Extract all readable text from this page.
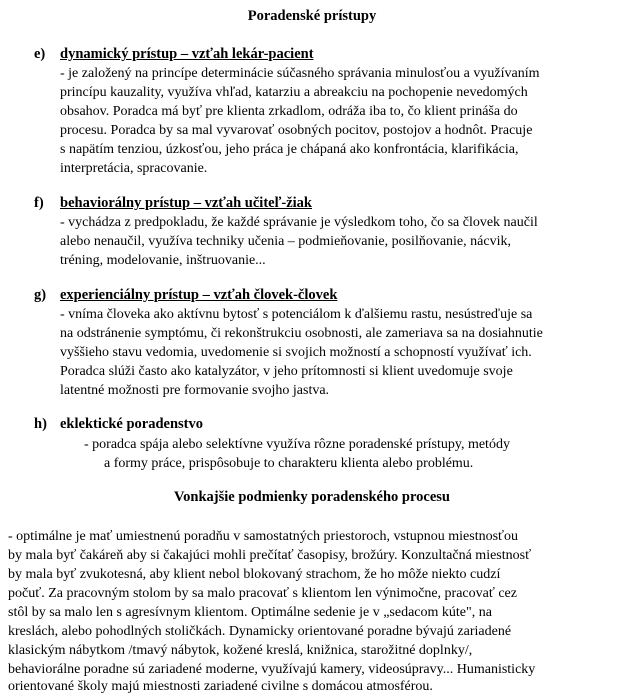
Poradenské prístupy
e) dynamický prístup – vzťah lekár-pacient
- je založený na princípe determinácie súčasného správania minulosťou a využívaním
princípu kauzality, využíva vhľad, katarziu a abreakciu na pochopenie nevedomých
obsahov. Poradca má byť pre klienta zrkadlom, odráža iba to, čo klient prináša do
procesu. Poradca by sa mal vyvarovať osobných pocitov, postojov a hodnôt. Pracuje
s napätím tenziou, úzkosťou, jeho práca je chápaná ako konfrontácia, klarifikácia,
interpretácia, spracovanie.
f) behaviorálny prístup – vzťah učiteľ-žiak
- vychádza z predpokladu, že každé správanie je výsledkom toho, čo sa človek naučil
alebo nenaučil, využíva techniky učenia – podmieňovanie, posilňovanie, nácvik,
tréning, modelovanie, inštruovanie...
g) experienciálny prístup – vzťah človek-človek
- vníma človeka ako aktívnu bytosť s potenciálom k ďalšiemu rastu, nesústreďuje sa
na odstránenie symptómu, či rekonštrukciu osobnosti, ale zameriava sa na dosiahnutie
vyššieho stavu vedomia, uvedomenie si svojich možností a schopností využívať ich.
Poradca slúži často ako katalyzátor, v jeho prítomnosti si klient uvedomuje svoje
latentné možnosti pre formovanie svojho jastva.
h) eklektické poradenstvo
- poradca spája alebo selektívne využíva rôzne poradenské prístupy, metódy
a formy práce, prispôsobuje to charakteru klienta alebo problému.
Vonkajšie podmienky poradenského procesu
- optimálne je mať umiestnenú poradňu v samostatných priestoroch, vstupnou miestnosťou
by mala byť čakáreň aby si čakajúci mohli prečítať časopisy, brožúry. Konzultačná miestnosť
by mala byť zvukotesná, aby klient nebol blokovaný strachom, že ho môže niekto cudzí
počuť. Za pracovným stolom by sa malo pracovať s klientom len výnimočne, pracovať cez
stôl by sa malo len s agresívnym klientom. Optimálne sedenie je v „sedacom kúte", na
kreslách, alebo pohodlných stoličkách. Dynamicky orientované poradne bývajú zariadené
klasickým nábytkom /tmavý nábytok, kožené kreslá, knižnica, starožitné doplnky/,
behaviorálne poradne sú zariadené moderne, využívajú kamery, videosúpravy... Humanisticky
orientované školy majú miestnosti zariadené civilne s domácou atmosférou.
